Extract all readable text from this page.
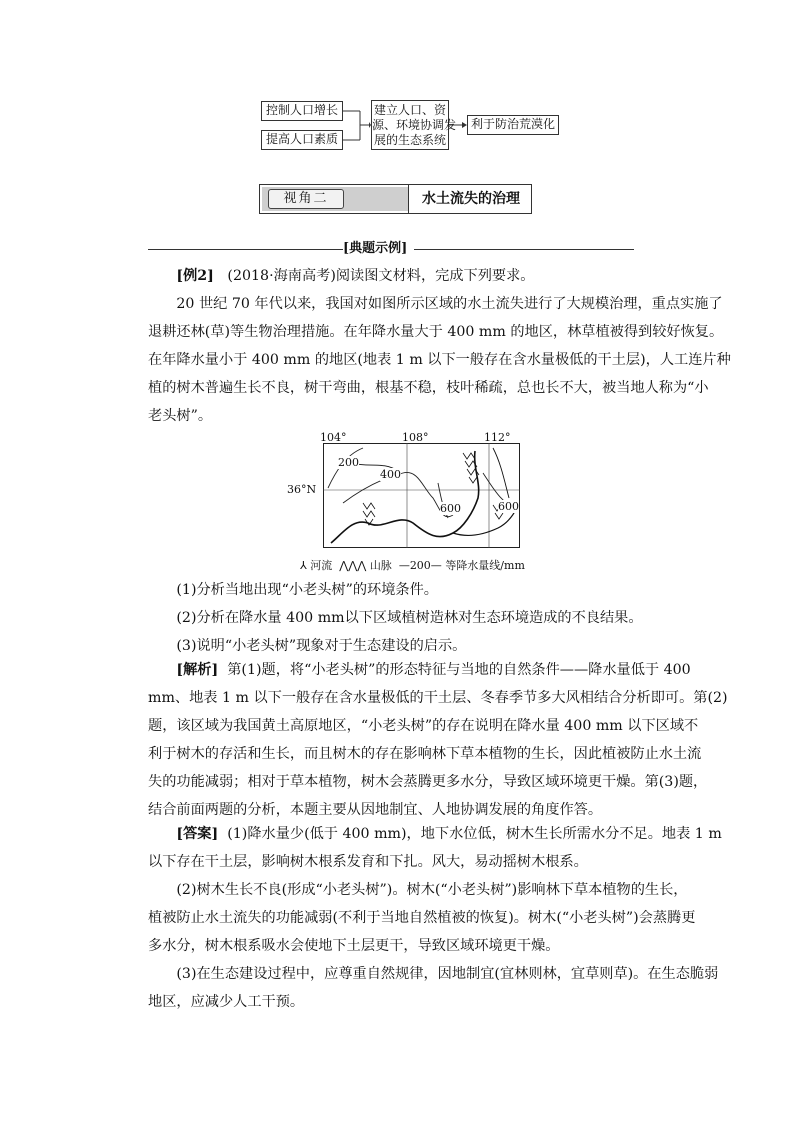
控制人口增长
提高人口素质
建立人口、资
源、环境协调发
展的生态系统
利于防治荒漠化
视角二	水土流失的治理
[典题示例]
[例2] (2018·海南高考)阅读图文材料，完成下列要求。
20 世纪 70 年代以来，我国对如图所示区域的水土流失进行了大规模治理，重点实施了
退耕还林(草)等生物治理措施。在年降水量大于 400 mm 的地区，林草植被得到较好恢复。
在年降水量小于 400 mm 的地区(地表 1 m 以下一般存在含水量极低的干土层)，人工连片种
植的树木普遍生长不良，树干弯曲，根基不稳，枝叶稀疏，总也长不大，被当地人称为“小
老头树”。
104°	108°	112°
36°N
200
400
600	600
⅄ 河流 ⋀⋀⋀ 山脉 —200— 等降水量线/mm
(1)分析当地出现“小老头树”的环境条件。
(2)分析在降水量 400 mm以下区域植树造林对生态环境造成的不良结果。
(3)说明“小老头树”现象对于生态建设的启示。
[解析] 第(1)题，将“小老头树”的形态特征与当地的自然条件——降水量低于 400
mm、地表 1 m 以下一般存在含水量极低的干土层、冬春季节多大风相结合分析即可。第(2)
题，该区域为我国黄土高原地区，“小老头树”的存在说明在降水量 400 mm 以下区域不
利于树木的存活和生长，而且树木的存在影响林下草本植物的生长，因此植被防止水土流
失的功能减弱；相对于草本植物，树木会蒸腾更多水分，导致区域环境更干燥。第(3)题，
结合前面两题的分析，本题主要从因地制宜、人地协调发展的角度作答。
[答案] (1)降水量少(低于 400 mm)，地下水位低，树木生长所需水分不足。地表 1 m
以下存在干土层，影响树木根系发育和下扎。风大，易动摇树木根系。
(2)树木生长不良(形成“小老头树”)。树木(“小老头树”)影响林下草本植物的生长，
植被防止水土流失的功能减弱(不利于当地自然植被的恢复)。树木(“小老头树”)会蒸腾更
多水分，树木根系吸水会使地下土层更干，导致区域环境更干燥。
(3)在生态建设过程中，应尊重自然规律，因地制宜(宜林则林，宜草则草)。在生态脆弱
地区，应减少人工干预。
